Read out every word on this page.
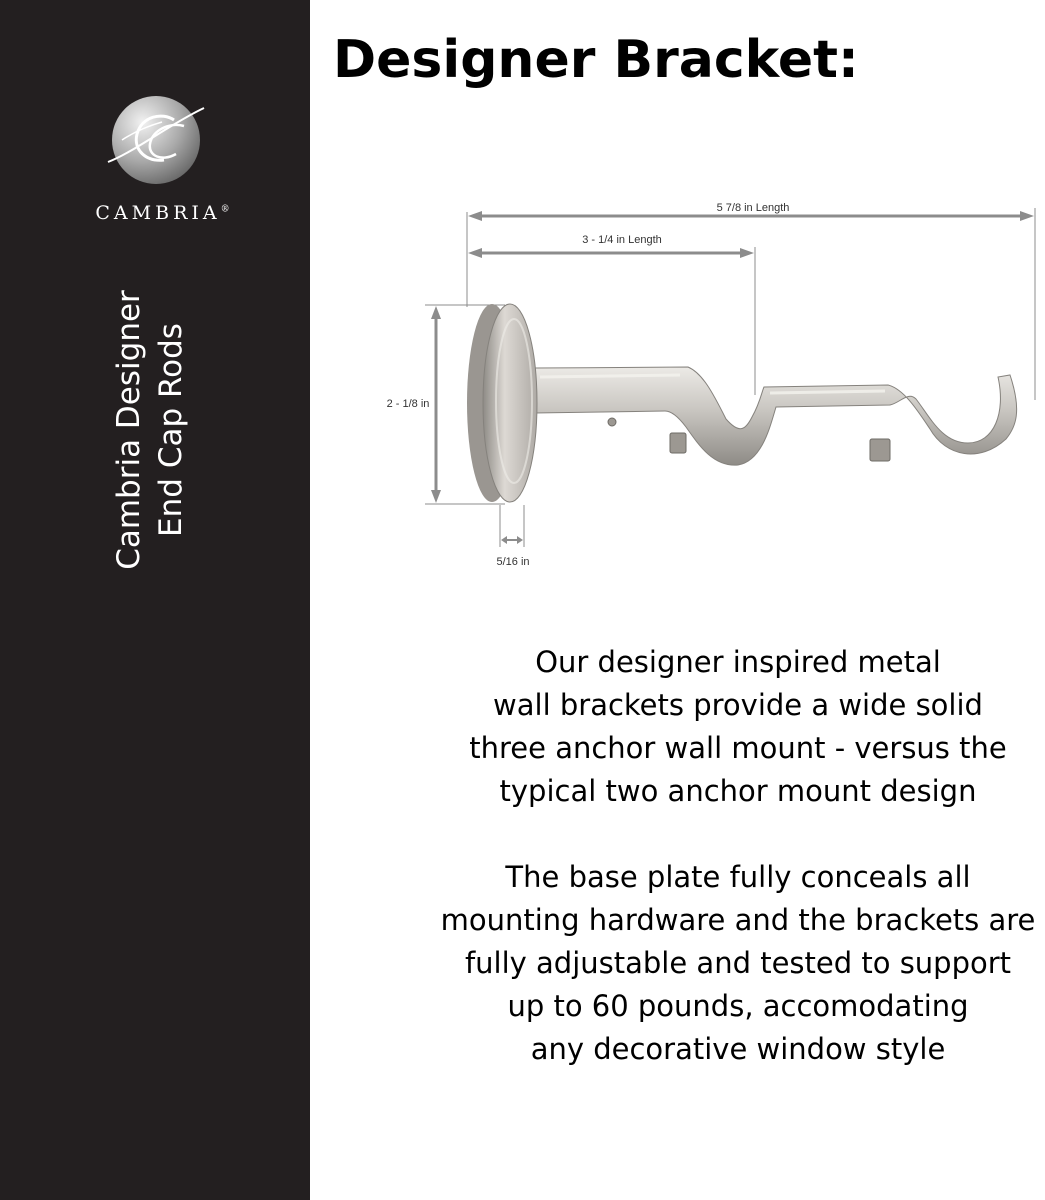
CAMBRIA®
Cambria Designer End Cap Rods
Designer Bracket:
5 7/8 in Length
3 - 1/4 in Length
2 - 1/8 in
5/16 in
Our designer inspired metal
wall brackets provide a wide solid
three anchor wall mount - versus the
typical two anchor mount design
The base plate fully conceals all
mounting hardware and the brackets are
fully adjustable and tested to support
up to 60 pounds, accomodating
any decorative window style
